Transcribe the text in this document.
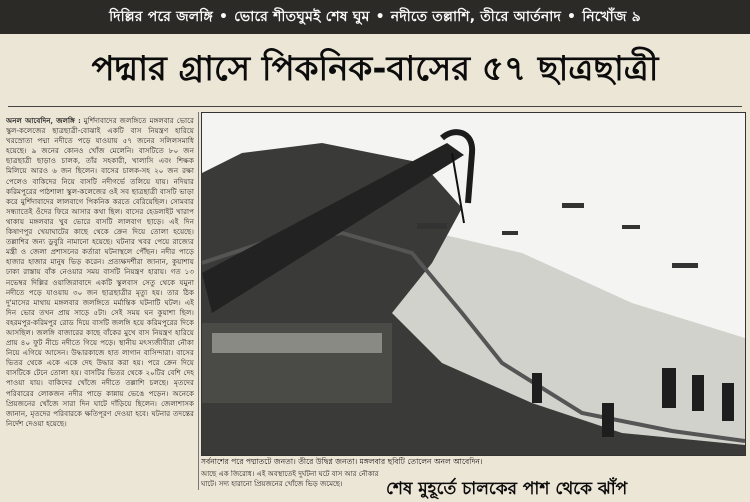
দিল্লির পরে জলঙ্গি • ভোরে শীতঘুমই শেষ ঘুম • নদীতে তল্লাশি, তীরে আর্তনাদ • নিখোঁজ ৯
পদ্মার গ্রাসে পিকনিক-বাসের ৫৭ ছাত্রছাত্রী
অনল আবেদিন, জলঙ্গি : মুর্শিদাবাদের জলঙ্গিতে মঙ্গলবার ভোরে স্কুল-কলেজের ছাত্রছাত্রী-বোঝাই একটি বাস নিয়ন্ত্রণ হারিয়ে খরস্রোতা পদ্মা নদীতে পড়ে যাওয়ায় ৫৭ জনের সলিলসমাধি হয়েছে। ৯ জনের কোনও খোঁজ মেলেনি। বাসটিতে ৮০ জন ছাত্রছাত্রী ছাড়াও চালক, তাঁর সহকারী, খালাসি এবং শিক্ষক মিলিয়ে আরও ৬ জন ছিলেন। বাসের চালক-সহ ২০ জন রক্ষা পেলেও বাকিদের নিয়ে বাসটি নদীগর্ভে তলিয়ে যায়। নদিয়ার করিমপুরের পাঠশালা স্কুল-কলেজের ওই সব ছাত্রছাত্রী বাসটি ভাড়া করে মুর্শিদাবাদের লালবাগে পিকনিক করতে বেরিয়েছিল। সোমবার সন্ধ্যাতেই ওঁদের ফিরে আসার কথা ছিল। বাসের হেডলাইট খারাপ থাকায় মঙ্গলবার খুব ভোরে বাসটি লালবাগ ছাড়ে। এই দিন কিষাণপুর খেয়াঘাটের কাছে থেকে ক্রেন দিয়ে তোলা হয়েছে। তল্লাশির জন্য ডুবুরি নামানো হয়েছে। ঘটনার খবর পেয়ে রাজ্যের মন্ত্রী ও জেলা প্রশাসনের কর্তারা ঘটনাস্থলে পৌঁছন। নদীর পাড়ে হাজার হাজার মানুষ ভিড় করেন। প্রত্যক্ষদর্শীরা জানান, কুয়াশায় ঢাকা রাস্তায় বাঁক নেওয়ার সময় বাসটি নিয়ন্ত্রণ হারায়। গত ১৩ নভেম্বর দিল্লির ওয়াজিরাবাদে একটি স্কুলবাস সেতু থেকে যমুনা নদীতে পড়ে যাওয়ায় ৩০ জন ছাত্রছাত্রীর মৃত্যু হয়। তার ঠিক দু'মাসের মাথায় মঙ্গলবার জলঙ্গিতে মর্মান্তিক ঘটনাটি ঘটল। এই দিন ভোর তখন প্রায় সাড়ে ৫টা। সেই সময় ঘন কুয়াশা ছিল। বহরমপুর-করিমপুর রোড দিয়ে বাসটি জলঙ্গি হয়ে করিমপুরের দিকে আসছিল। জলঙ্গি বাজারের কাছে বাঁকের মুখে বাস নিয়ন্ত্রণ হারিয়ে প্রায় ৪০ ফুট নীচে নদীতে গিয়ে পড়ে। স্থানীয় মৎস্যজীবীরা নৌকা নিয়ে এগিয়ে আসেন। উদ্ধারকাজে হাত লাগান বাসিন্দারা। বাসের ভিতর থেকে একে একে দেহ উদ্ধার করা হয়। পরে ক্রেন দিয়ে বাসটিকে টেনে তোলা হয়। বাসটির ভিতর থেকে ২০টির বেশি দেহ পাওয়া যায়। বাকিদের খোঁজে নদীতে তল্লাশি চলছে। মৃতদের পরিবারের লোকজন নদীর পাড়ে কান্নায় ভেঙে পড়েন। অনেকে প্রিয়জনের খোঁজে সারা দিন ঘাটে দাঁড়িয়ে ছিলেন। জেলাশাসক জানান, মৃতদের পরিবারকে ক্ষতিপূরণ দেওয়া হবে। ঘটনার তদন্তের নির্দেশ দেওয়া হয়েছে।
সর্বনাশের পরে পদ্মাতটে জনতা। তীরে উদ্বিগ্ন জনতা। মঙ্গলবার ছবিটি তোলেন অনল আবেদিন।
আছে এক জিরোধ। এই অবস্থাতেই দুর্ঘটনা ঘটে বাস আর নৌকার ঘাটে। সদ্য হারানো প্রিয়জনের খোঁজে ভিড় জমেছে।	শেষ মুহূর্তে চালকের পাশ থেকে ঝাঁপ
